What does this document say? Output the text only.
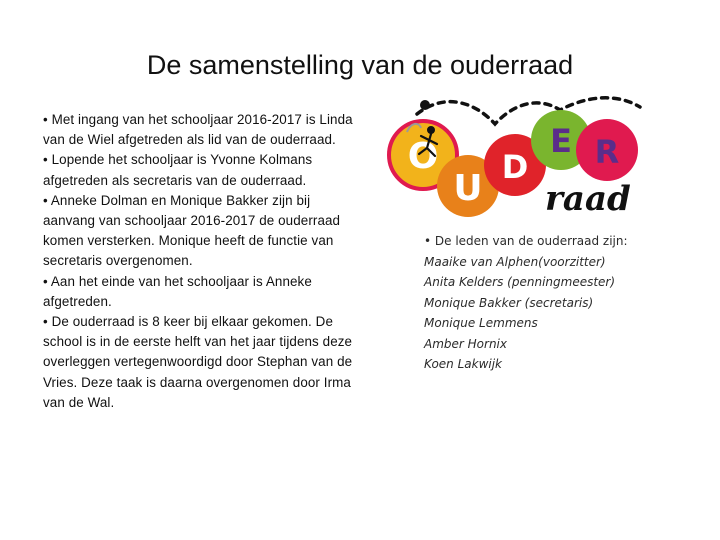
De samenstelling van de ouderraad

• Met ingang van het schooljaar 2016-2017 is Linda van de Wiel afgetreden als lid van de ouderraad.

• Lopende het schooljaar is Yvonne Kolmans afgetreden als secretaris van de ouderraad.

• Anneke Dolman en Monique Bakker zijn bij aanvang van schooljaar 2016-2017 de ouderraad komen versterken. Monique heeft de functie van secretaris overgenomen.

• Aan het einde van het schooljaar is Anneke afgetreden.

• De ouderraad is 8 keer bij elkaar gekomen. De school is in de eerste helft van het jaar tijdens deze overleggen vertegenwoordigd door Stephan van de Vries. Deze taak is daarna overgenomen door Irma van de Wal.

O
U
D
E R
raad
• De leden van de ouderraad zijn:
Maaike van Alphen(voorzitter)
Anita Kelders (penningmeester)
Monique Bakker (secretaris)
Monique Lemmens
Amber Hornix
Koen Lakwijk
